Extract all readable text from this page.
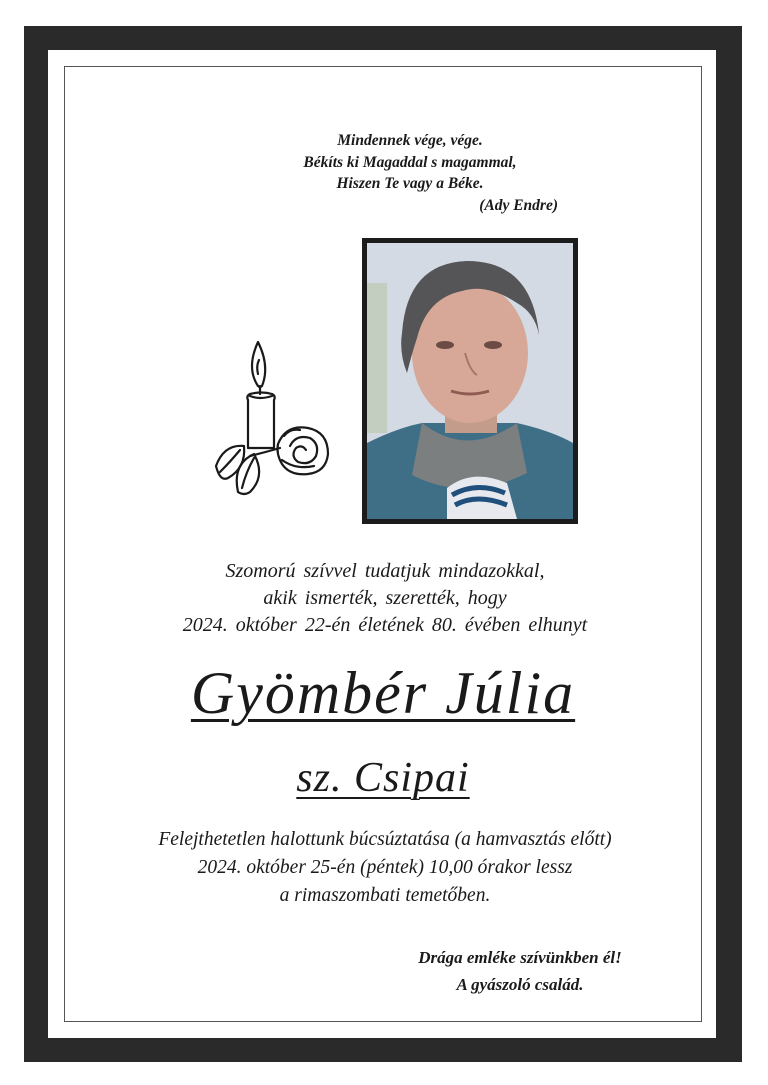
Mindennek vége, vége.
Békíts ki Magaddal s magammal,
Hiszen Te vagy a Béke.
(Ady Endre)
Szomorú szívvel tudatjuk mindazokkal,
akik ismerték, szerették, hogy
2024. október 22-én életének 80. évében elhunyt
Gyömbér Júlia
sz. Csipai
Felejthetetlen halottunk búcsúztatása (a hamvasztás előtt)
2024. október 25-én (péntek) 10,00 órakor lessz
a rimaszombati temetőben.
Drága emléke szívünkben él!
A gyászoló család.
